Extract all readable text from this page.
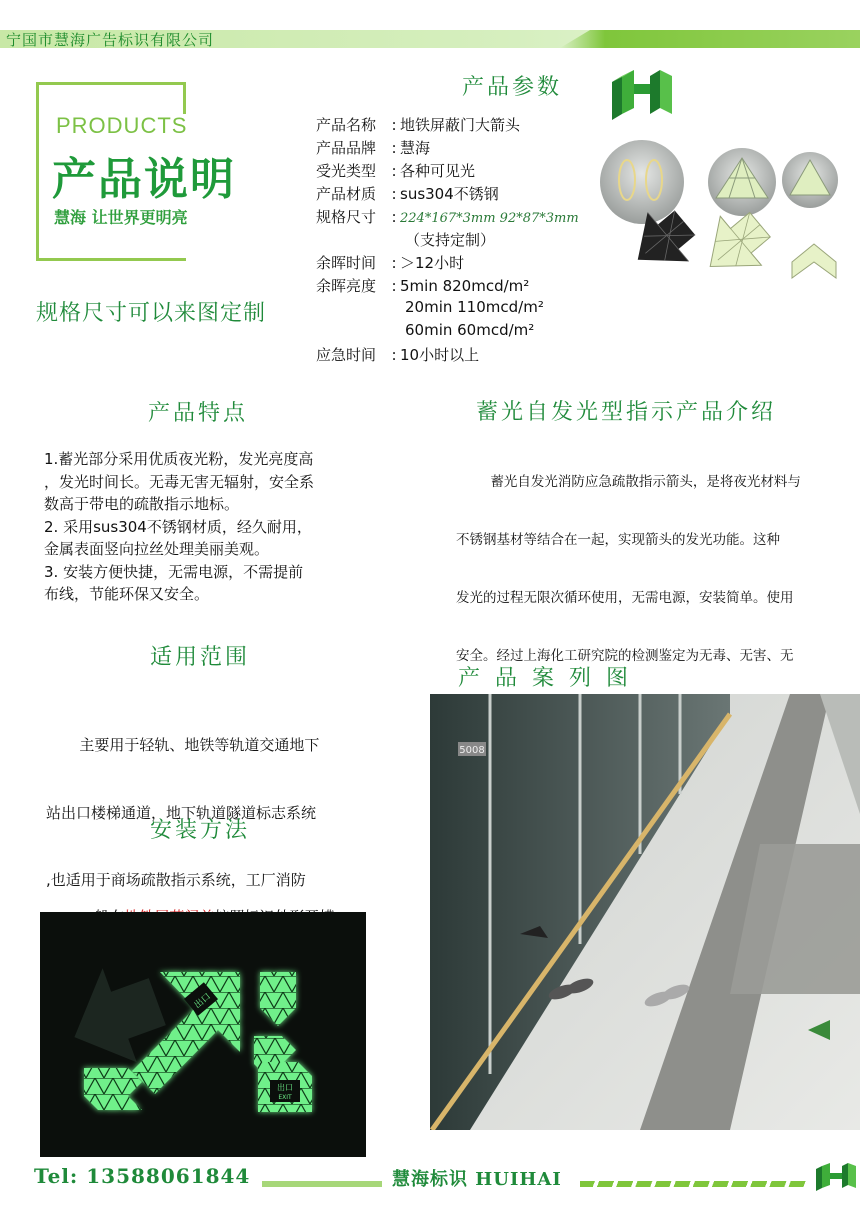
宁国市慧海广告标识有限公司
PRODUCTS
产品说明
慧海 让世界更明亮
规格尺寸可以来图定制
产品参数
产品名称 : 地铁屏蔽门大箭头
产品品牌 : 慧海
受光类型 : 各种可见光
产品材质 : sus304不锈钢
规格尺寸 : 224*167*3mm 92*87*3mm
（支持定制）
余晖时间 : ＞12小时
余晖亮度 : 5min 820mcd/m²
20min 110mcd/m²
60min 60mcd/m²
应急时间 : 10小时以上
产品特点
1.蓄光部分采用优质夜光粉，发光亮度高
，发光时间长。无毒无害无辐射，安全系
数高于带电的疏散指示地标。
2. 采用sus304不锈钢材质，经久耐用，
金属表面竖向拉丝处理美丽美观。
3. 安装方便快捷，无需电源，不需提前
布线，节能环保又安全。
适用范围

主要用于轻轨、地铁等轨道交通地下

站出口楼梯通道，地下轨道隧道标志系统

,也适用于商场疏散指示系统，工厂消防

安装方法

出口
出口
EXIT
蓄光自发光型指示产品介绍

蓄光自发光消防应急疏散指示箭头，是将夜光材料与

不锈钢基材等结合在一起，实现箭头的发光功能。这种

发光的过程无限次循环使用，无需电源，安装简单。使用

安全。经过上海化工研究院的检测鉴定为无毒、无害、无

产 品 案 列 图
5008
Tel: 13588061844	慧海标识 HUIHAI
